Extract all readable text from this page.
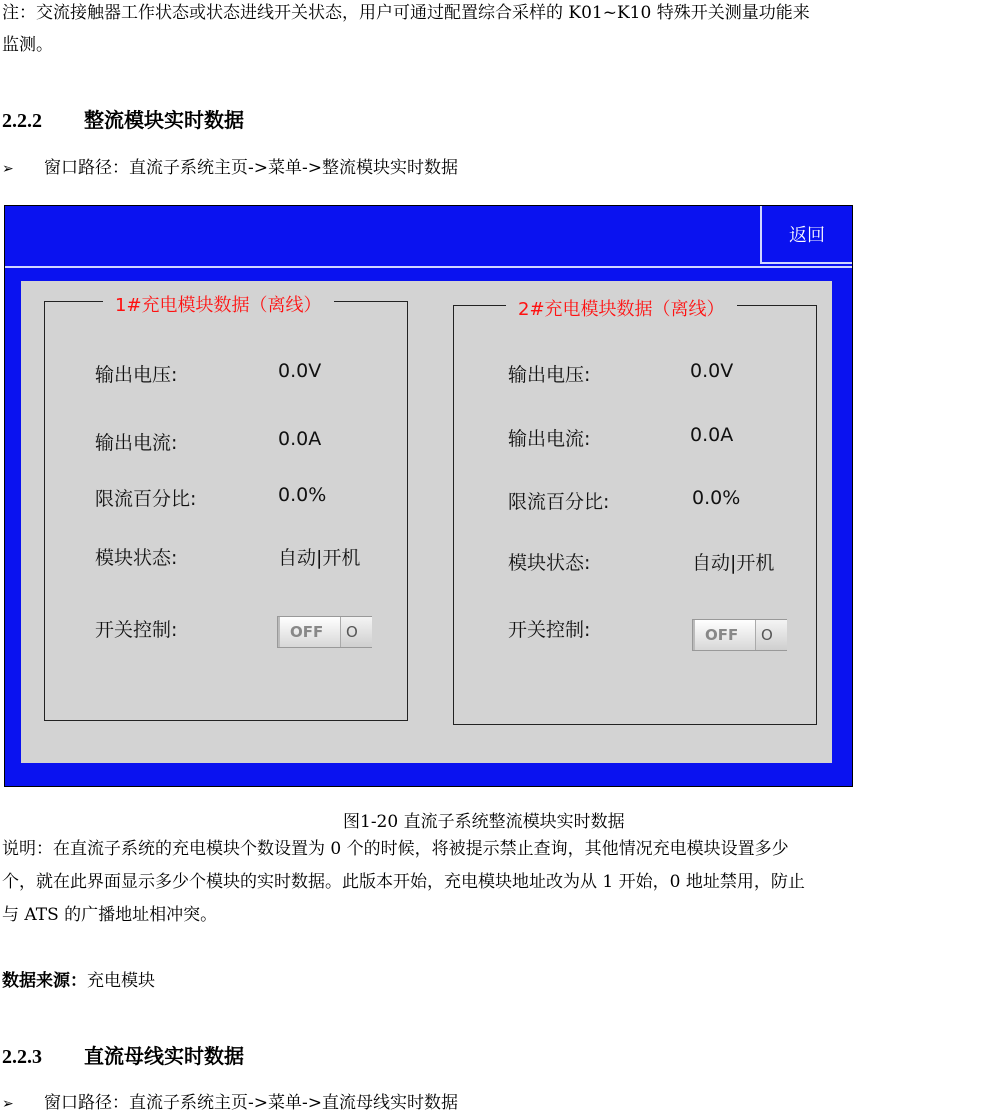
注：交流接触器工作状态或状态进线开关状态，用户可通过配置综合采样的 K01~K10 特殊开关测量功能来
监测。
2.2.2 整流模块实时数据
➢ 窗口路径：直流子系统主页->菜单->整流模块实时数据
返回
1#充电模块数据（离线）
输出电压:	0.0V
输出电流:	0.0A
限流百分比:	0.0%
模块状态:	自动|开机
开关控制:	OFF O
2#充电模块数据（离线）
输出电压:	0.0V
输出电流:	0.0A
限流百分比:	0.0%
模块状态:	自动|开机
开关控制:	OFF O
图1-20 直流子系统整流模块实时数据
说明：在直流子系统的充电模块个数设置为 0 个的时候，将被提示禁止查询，其他情况充电模块设置多少
个，就在此界面显示多少个模块的实时数据。此版本开始，充电模块地址改为从 1 开始，0 地址禁用，防止
与 ATS 的广播地址相冲突。
数据来源：充电模块
2.2.3 直流母线实时数据
➢ 窗口路径：直流子系统主页->菜单->直流母线实时数据
